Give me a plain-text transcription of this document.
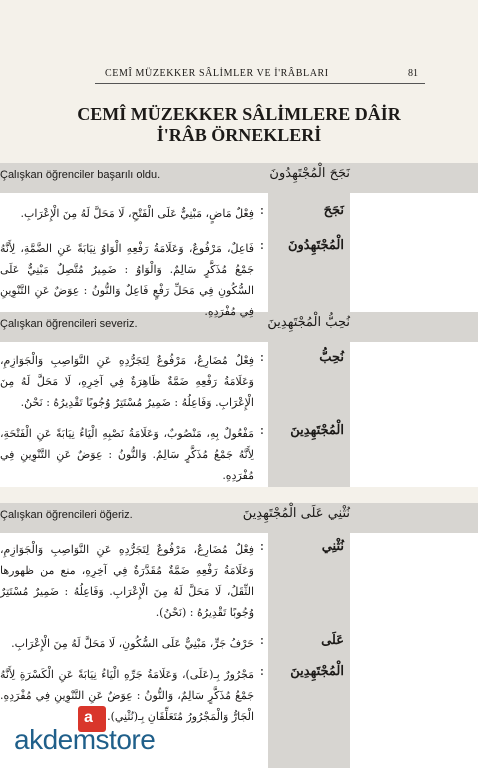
CEMÎ MÜZEKKER SÂLİMLER VE İ'RÂBLARI	81
CEMÎ MÜZEKKER SÂLİMLERE DÂİR
İ'RÂB ÖRNEKLERİ
Çalışkan öğrenciler başarılı oldu.	نَجَحَ الْمُجْتَهِدُونَ
نَجَحَ
:
فِعْلٌ مَاضٍ، مَبْنِيٌّ عَلَى الْفَتْحِ، لَا مَحَلَّ لَهُ مِنَ الْإِعْرَابِ.
الْمُجْتَهِدُونَ
:
فَاعِلٌ، مَرْفُوعٌ، وَعَلَامَةُ رَفْعِهِ الْوَاوُ نِيَابَةً عَنِ الضَّمَّةِ، لِأَنَّهُ جَمْعُ مُذَكَّرٍ سَالِمٌ. وَالْوَاوُ : ضَمِيرٌ مُتَّصِلٌ مَبْنِيٌّ عَلَى السُّكُونِ فِي مَحَلِّ رَفْعٍ فَاعِلٌ وَالنُّونُ : عِوَضٌ عَنِ التَّنْوِينِ فِي مُفْرَدِهِ.
Çalışkan öğrencileri severiz.	نُحِبُّ الْمُجْتَهِدِينَ
نُحِبُّ
:
فِعْلٌ مُضَارِعٌ، مَرْفُوعٌ لِتَجَرُّدِهِ عَنِ النَّوَاصِبِ وَالْجَوَازِمِ، وَعَلَامَةُ رَفْعِهِ ضَمَّةٌ ظَاهِرَةٌ فِي آخِرِهِ، لَا مَحَلَّ لَهُ مِنَ الْإِعْرَابِ. وَفَاعِلُهُ : ضَمِيرٌ مُسْتَتِرٌ وُجُوبًا تَقْدِيرُهُ : نَحْنُ.
الْمُجْتَهِدِينَ
:
مَفْعُولٌ بِهِ، مَنْصُوبٌ، وَعَلَامَةُ نَصْبِهِ الْيَاءُ نِيَابَةً عَنِ الْفَتْحَةِ، لِأَنَّهُ جَمْعُ مُذَكَّرٍ سَالِمٌ. وَالنُّونُ : عِوَضٌ عَنِ التَّنْوِينِ فِي مُفْرَدِهِ.
Çalışkan öğrencileri öğeriz.	نُثْنِي عَلَى الْمُجْتَهِدِينَ
نُثْنِي
:
فِعْلٌ مُضَارِعٌ، مَرْفُوعٌ لِتَجَرُّدِهِ عَنِ النَّوَاصِبِ وَالْجَوَازِمِ، وَعَلَامَةُ رَفْعِهِ ضَمَّةٌ مُقَدَّرَةٌ فِي آخِرِهِ، منع من ظهورها الثِّقَلُ، لَا مَحَلَّ لَهُ مِنَ الْإِعْرَابِ. وَفَاعِلُهُ : ضَمِيرٌ مُسْتَتِرٌ وُجُوبًا تَقْدِيرُهُ : (نَحْنُ).
عَلَى
:
حَرْفُ جَرٍّ، مَبْنِيٌّ عَلَى السُّكُونِ، لَا مَحَلَّ لَهُ مِنَ الْإِعْرَابِ.
الْمُجْتَهِدِينَ
:
مَجْرُورٌ بِـ(عَلَى)، وَعَلَامَةُ جَرِّهِ الْيَاءُ نِيَابَةً عَنِ الْكَسْرَةِ لِأَنَّهُ جَمْعُ مُذَكَّرٍ سَالِمٌ، وَالنُّونُ : عِوَضٌ عَنِ التَّنْوِينِ فِي مُفْرَدِهِ. الْجَارُّ وَالْمَجْرُورُ مُتَعَلِّقَانِ بِـ(نُثْنِي).
a
akdemstore
